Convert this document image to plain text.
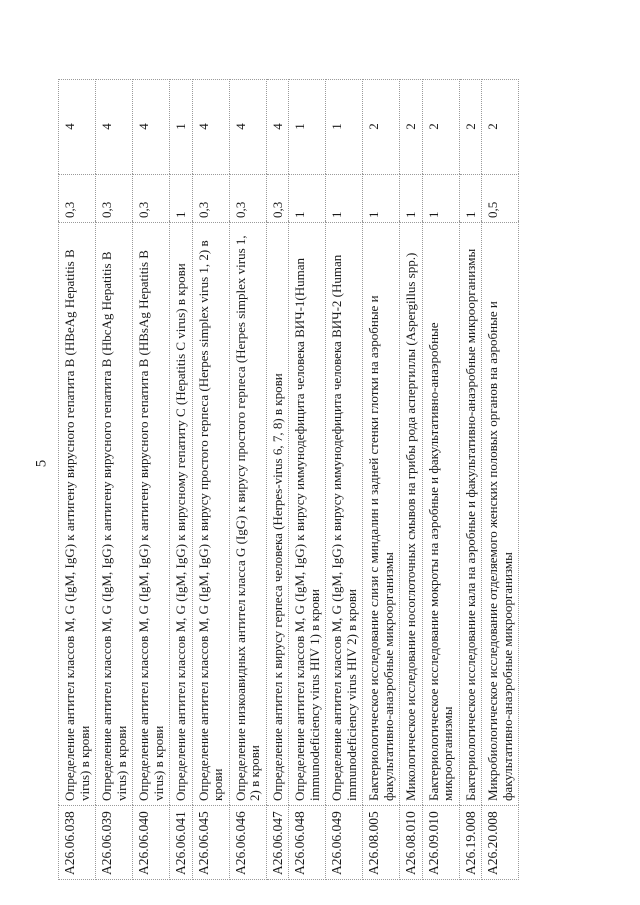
5
A26.06.038	Определение антител классов M, G (IgM, IgG) к антигену вирусного гепатита B (HBeAg Hepatitis B virus) в крови	0,3	4
A26.06.039	Определение антител классов M, G (IgM, IgG) к антигену вирусного гепатита B (HbcAg Hepatitis B virus) в крови	0,3	4
A26.06.040	Определение антител классов M, G (IgM, IgG) к антигену вирусного гепатита B (HBsAg Hepatitis B virus) в крови	0,3	4
A26.06.041	Определение антител классов M, G (IgM, IgG) к вирусному гепатиту C (Hepatitis C virus) в крови	1	1
A26.06.045	Определение антител классов M, G (IgM, IgG) к вирусу простого герпеса (Herpes simplex virus 1, 2) в крови	0,3	4
A26.06.046	Определение низкоавидных антител класса G (IgG) к вирусу простого герпеса (Herpes simplex virus 1, 2) в крови	0,3	4
A26.06.047	Определение антител к вирусу герпеса человека (Herpes-virus 6, 7, 8) в крови	0,3	4
A26.06.048	Определение антител классов M, G (IgM, IgG) к вирусу иммунодефицита человека ВИЧ-1(Human immunodeficiency virus HIV 1) в крови	1	1
A26.06.049	Определение антител классов M, G (IgM, IgG) к вирусу иммунодефицита человека ВИЧ-2 (Human immunodeficiency virus HIV 2) в крови	1	1
A26.08.005	Бактериологическое исследование слизи с миндалин и задней стенки глотки на аэробные и факультативно-анаэробные микроорганизмы	1	2
A26.08.010	Микологическое исследование носоглоточных смывов на грибы рода аспергиллы (Aspergillus spp.)	1	2
A26.09.010	Бактериологическое исследование мокроты на аэробные и факультативно-анаэробные микроорганизмы	1	2
A26.19.008	Бактериологическое исследование кала на аэробные и факультативно-анаэробные микроорганизмы	1	2
A26.20.008	Микробиологическое исследование отделяемого женских половых органов на аэробные и факультативно-анаэробные микроорганизмы	0,5	2
